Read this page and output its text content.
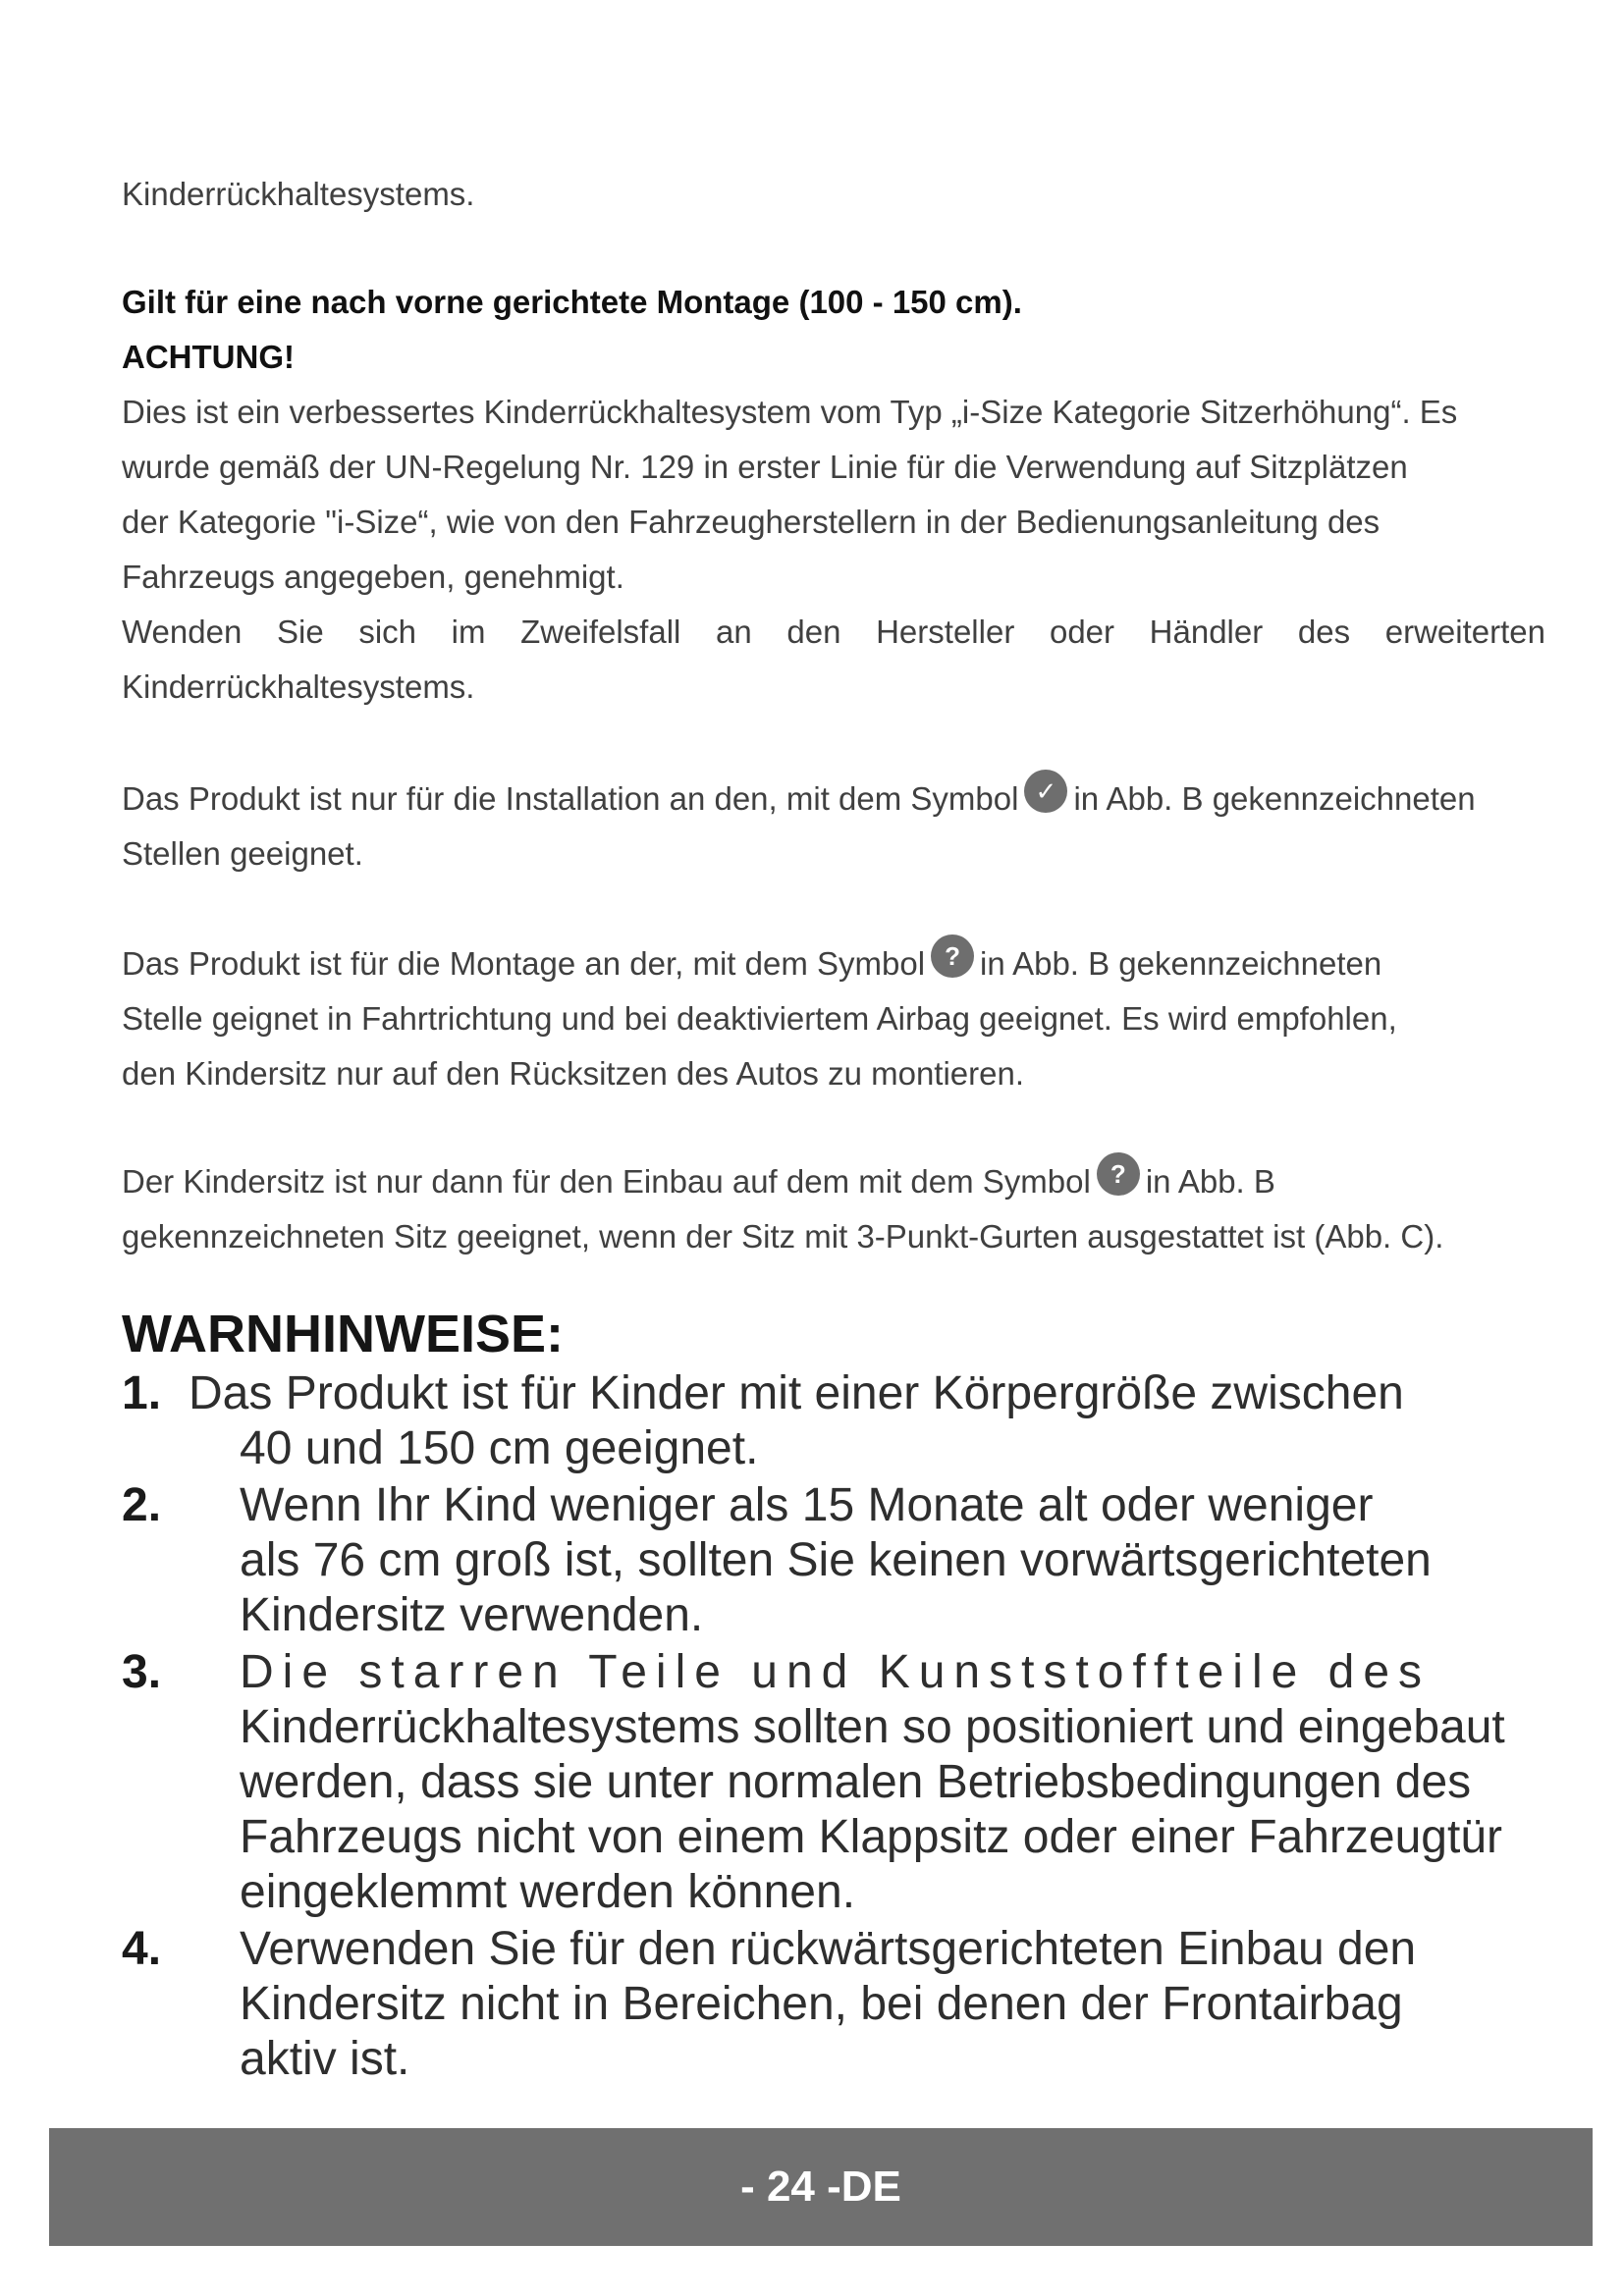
Kinderrückhaltesystems.
Gilt für eine nach vorne gerichtete Montage (100 - 150 cm).
ACHTUNG!
Dies ist ein verbessertes Kinderrückhaltesystem vom Typ „i-Size Kategorie Sitzerhöhung“. Es
wurde gemäß der UN-Regelung Nr. 129 in erster Linie für die Verwendung auf Sitzplätzen
der Kategorie "i-Size“, wie von den Fahrzeugherstellern in der Bedienungsanleitung des
Fahrzeugs angegeben, genehmigt.
Wenden Sie sich im Zweifelsfall an den Hersteller oder Händler des erweiterten
Kinderrückhaltesystems.
Das Produkt ist nur für die Installation an den, mit dem Symbol ✓ in Abb. B gekennzeichneten
Stellen geeignet.
Das Produkt ist für die Montage an der, mit dem Symbol ? in Abb. B gekennzeichneten
Stelle geignet in Fahrtrichtung und bei deaktiviertem Airbag geeignet. Es wird empfohlen,
den Kindersitz nur auf den Rücksitzen des Autos zu montieren.
Der Kindersitz ist nur dann für den Einbau auf dem mit dem Symbol ? in Abb. B
gekennzeichneten Sitz geeignet, wenn der Sitz mit 3-Punkt-Gurten ausgestattet ist (Abb. C).
WARNHINWEISE:
1. Das Produkt ist für Kinder mit einer Körpergröße zwischen
40 und 150 cm geeignet.
2. Wenn Ihr Kind weniger als 15 Monate alt oder weniger
als 76 cm groß ist, sollten Sie keinen vorwärtsgerichteten
Kindersitz verwenden.
3. Die starren Teile und Kunststoffteile des
Kinderrückhaltesystems sollten so positioniert und eingebaut
werden, dass sie unter normalen Betriebsbedingungen des
Fahrzeugs nicht von einem Klappsitz oder einer Fahrzeugtür
eingeklemmt werden können.
4. Verwenden Sie für den rückwärtsgerichteten Einbau den
Kindersitz nicht in Bereichen, bei denen der Frontairbag
aktiv ist.
- 24 -DE
